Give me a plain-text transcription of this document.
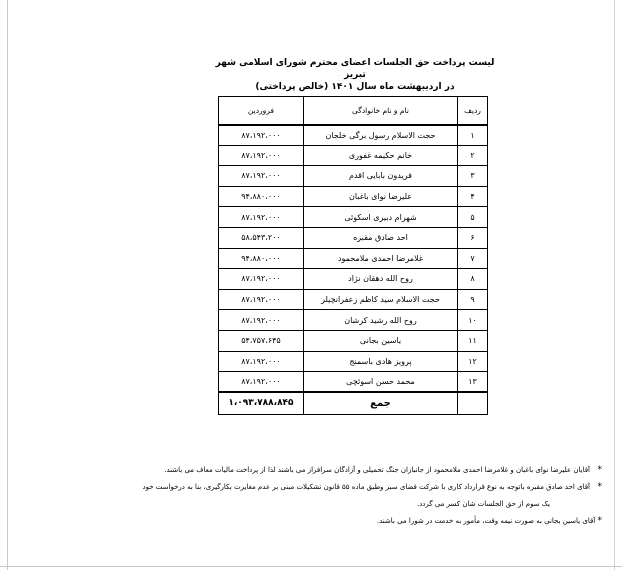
لیست پرداخت حق الجلسات اعضای محترم شورای اسلامی شهر تبریز
در اردیبهشت ماه سال ۱۴۰۱ (خالص پرداختی)
ردیف	نام و نام خانوادگی	فروردین
۱	حجت الاسلام رسول برگی خلجان	۸۷،۱۹۲،۰۰۰
۲	خانم حکیمه غفوری	۸۷،۱۹۲،۰۰۰
۳	فریدون بابایی اقدم	۸۷،۱۹۲،۰۰۰
۴	علیرضا نوای باغبان	۹۴،۸۸۰،۰۰۰
۵	شهرام دبیری اسکوئی	۸۷،۱۹۲،۰۰۰
۶	احد صادق مقبره	۵۸،۵۴۳،۲۰۰
۷	غلامرضا احمدی ملامحمود	۹۴،۸۸۰،۰۰۰
۸	روح الله دهقان نژاد	۸۷،۱۹۲،۰۰۰
۹	حجت الاسلام سید کاظم زعفرانچیلر	۸۷،۱۹۲،۰۰۰
۱۰	روح الله رشید کرشان	۸۷،۱۹۲،۰۰۰
۱۱	یاسین بجانی	۵۴،۷۵۷،۶۴۵
۱۲	پرویز هادی باسمنج	۸۷،۱۹۲،۰۰۰
۱۳	محمد حسن اسوئچی	۸۷،۱۹۲،۰۰۰
	جمع	۱،۰۹۳،۷۸۸،۸۴۵
*
آقایان علیرضا نوای باغبان و غلامرضا احمدی ملامحمود از جانبازان جنگ تحمیلی و آزادگان سرافراز می باشند لذا از پرداخت مالیات معاف می باشند.
*
آقای احد صادق مقبره باتوجه به نوع قرارداد کاری با شرکت فضای سبز وطبق ماده ۵۵ قانون تشکیلات مبنی بر عدم مغایرت بکارگیری، بنا به درخواست خود
یک سوم از حق الجلسات شان کسر می گردد.
* آقای یاسین بجانی به صورت نیمه وقت، مأمور به خدمت در شورا می باشند.
